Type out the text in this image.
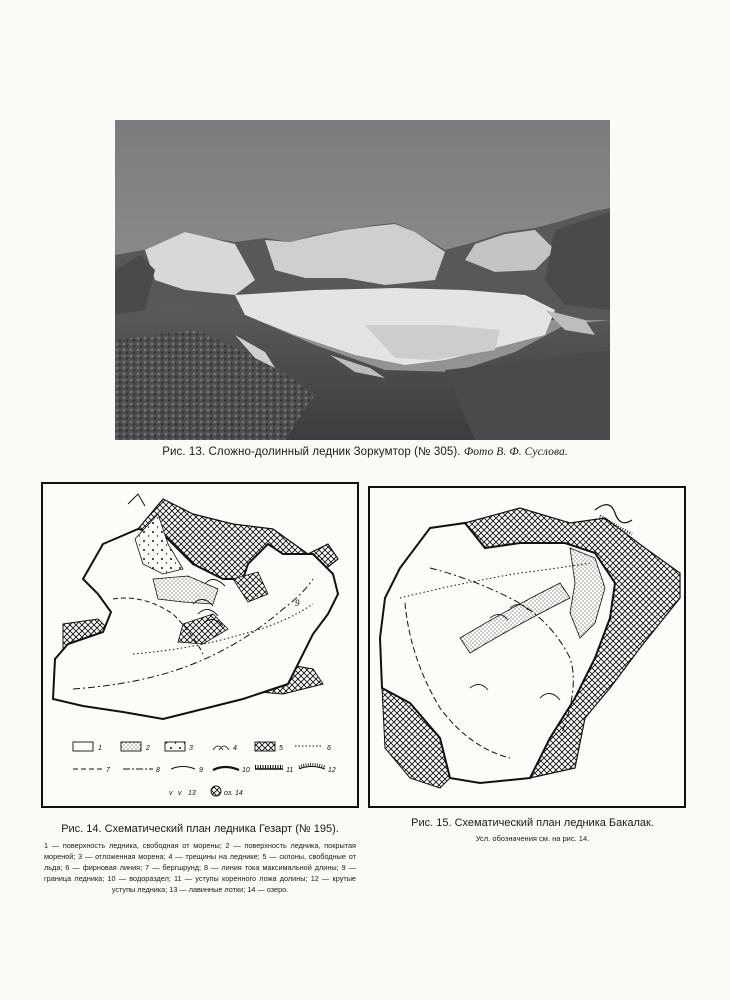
Рис. 13. Сложно-долинный ледник Зоркумтор (№ 305). Фото В. Ф. Суслова.
9
1	2	3	4	5	6
7	8	9	10	11	12
v v 13	оз. 14
Рис. 14. Схематический план ледника Гезарт (№ 195).
1 — поверхность ледника, свободная от морены; 2 — поверхность ледника, покрытая мореной; 3 — отложенная морена; 4 — трещины на леднике; 5 — склоны, свободные от льда; 6 — фирновая линия; 7 — бергшрунд; 8 — линия тока максимальной длины; 9 — граница ледника; 10 — водораздел; 11 — уступы коренного ложа долины; 12 — крутые уступы ледника; 13 — лавинные лотки; 14 — озеро.
Рис. 15. Схематический план ледника Бакалак.
Усл. обозначения см. на рис. 14.
